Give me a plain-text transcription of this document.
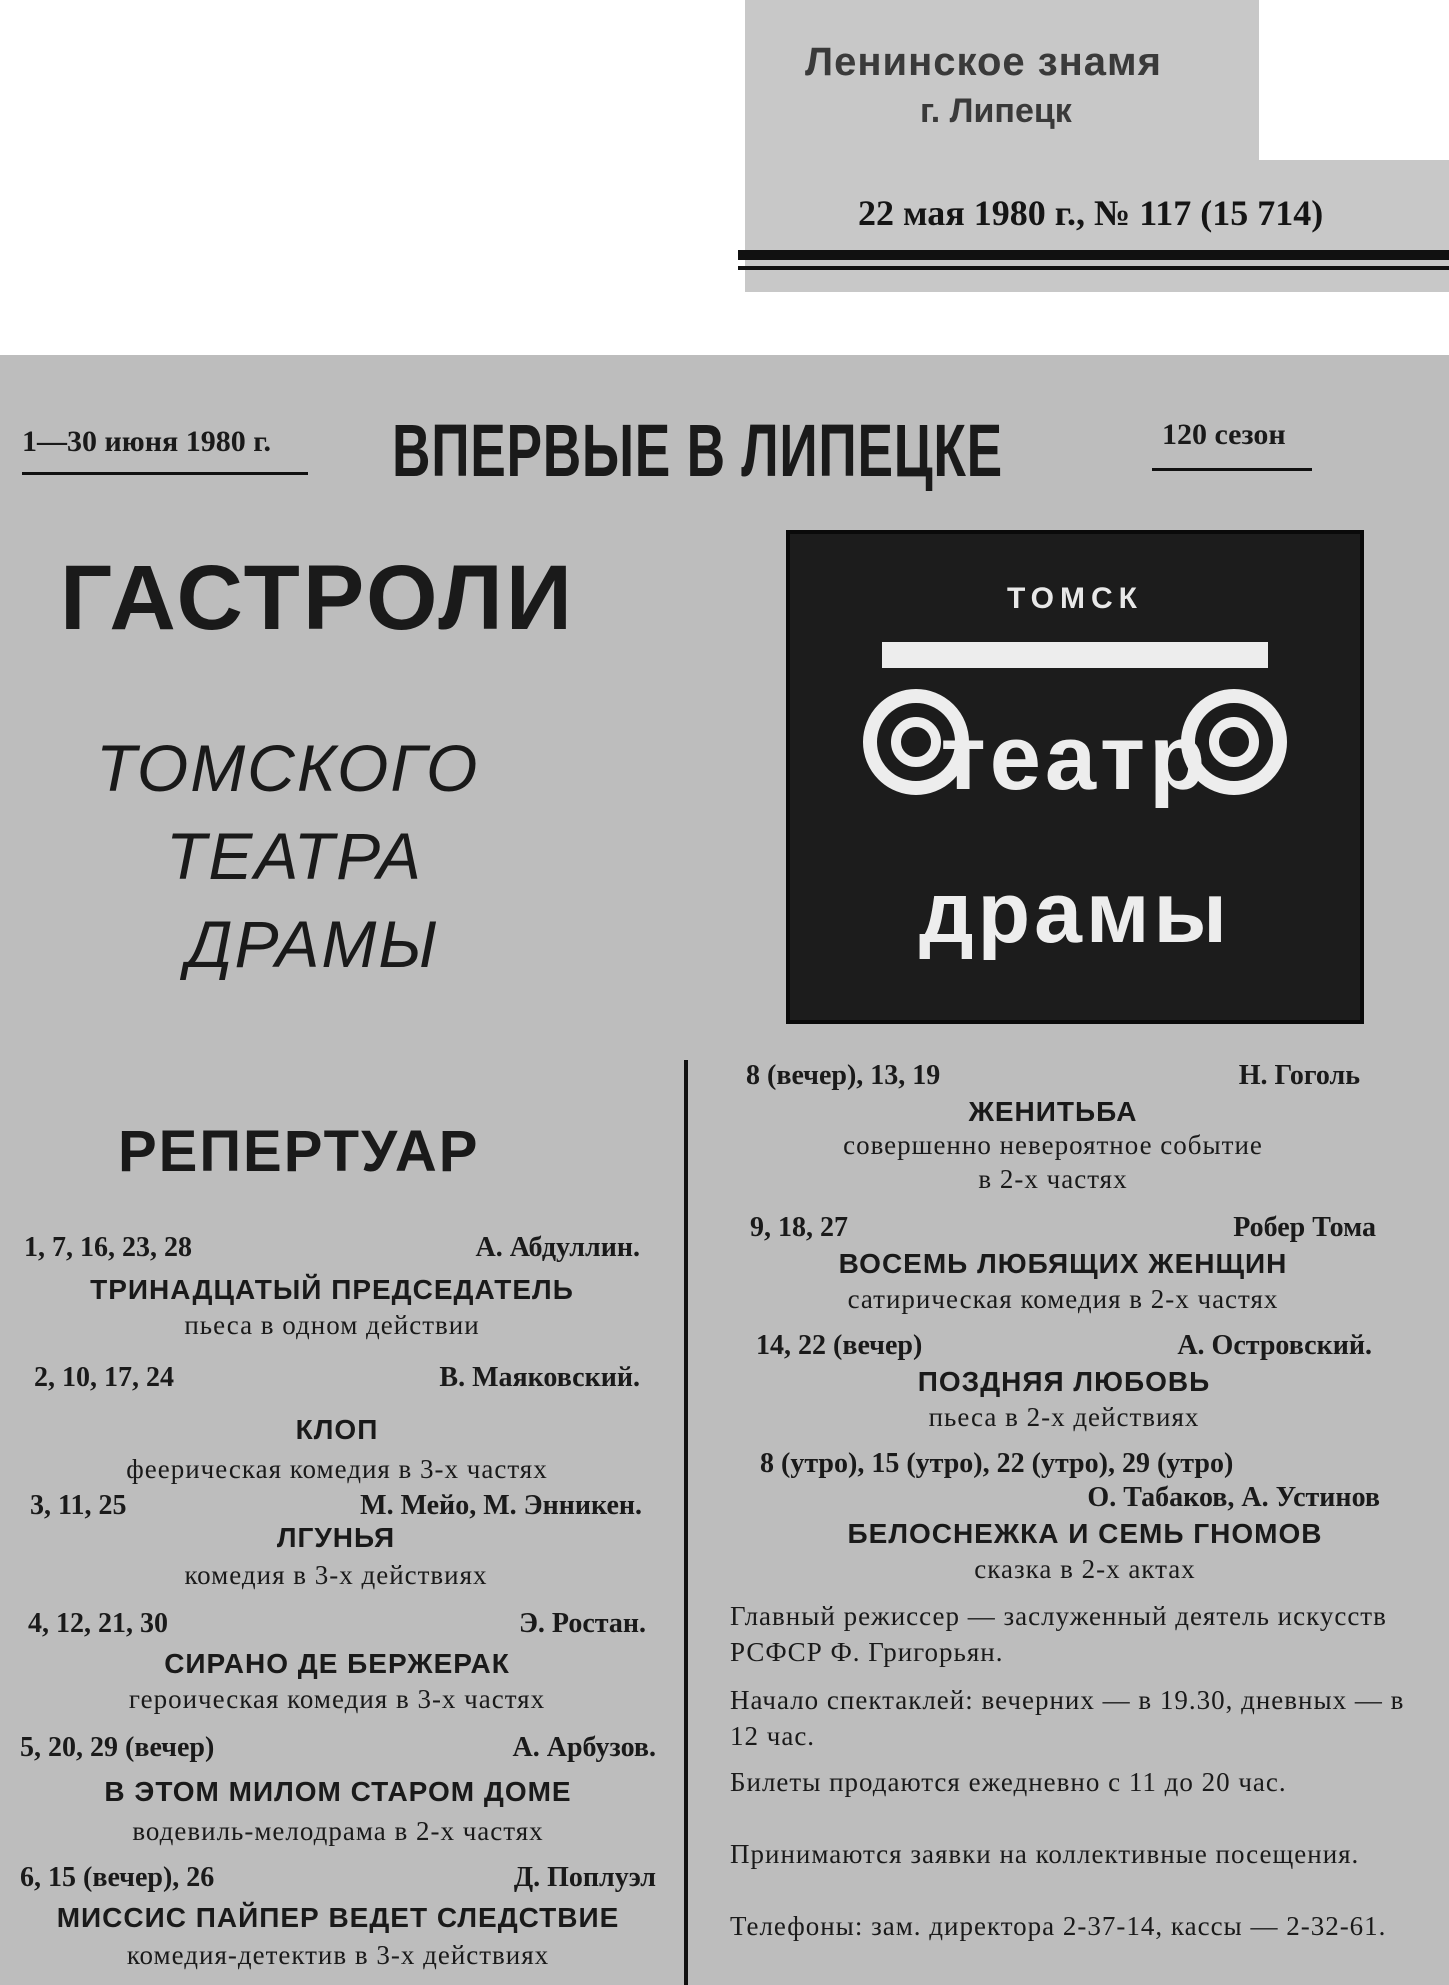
Ленинское знамя
г. Липецк
22 мая 1980 г., № 117 (15 714)
1—30 июня 1980 г. ВПЕРВЫЕ В ЛИПЕЦКЕ	120 сезон
ГАСТРОЛИ
ТОМСКОГО
ТЕАТРА
ДРАМЫ
ТОМСК
театр
драмы
РЕПЕРТУАР
1, 7, 16, 23, 28	А. Абдуллин.
ТРИНАДЦАТЫЙ ПРЕДСЕДАТЕЛЬ
пьеса в одном действии
2, 10, 17, 24	В. Маяковский.
КЛОП
феерическая комедия в 3-х частях
3, 11, 25	М. Мейо, М. Энникен.
ЛГУНЬЯ
комедия в 3-х действиях
4, 12, 21, 30	Э. Ростан.
СИРАНО ДЕ БЕРЖЕРАК
героическая комедия в 3-х частях
5, 20, 29 (вечер)	А. Арбузов.
В ЭТОМ МИЛОМ СТАРОМ ДОМЕ
водевиль-мелодрама в 2-х частях
6, 15 (вечер), 26	Д. Поплуэл
МИССИС ПАЙПЕР ВЕДЕТ СЛЕДСТВИЕ
комедия-детектив в 3-х действиях
8 (вечер), 13, 19	Н. Гоголь
ЖЕНИТЬБА
совершенно невероятное событие
в 2-х частях
9, 18, 27	Робер Тома
ВОСЕМЬ ЛЮБЯЩИХ ЖЕНЩИН
сатирическая комедия в 2-х частях
14, 22 (вечер)	А. Островский.
ПОЗДНЯЯ ЛЮБОВЬ
пьеса в 2-х действиях
8 (утро), 15 (утро), 22 (утро), 29 (утро)
О. Табаков, А. Устинов
БЕЛОСНЕЖКА И СЕМЬ ГНОМОВ
сказка в 2-х актах
Главный режиссер — заслуженный деятель искусств РСФСР Ф. Григорьян.
Начало спектаклей: вечерних — в 19.30, дневных — в 12 час.
Билеты продаются ежедневно с 11 до 20 час.
Принимаются заявки на коллективные посещения.
Телефоны: зам. директора 2-37-14, кассы — 2-32-61.
